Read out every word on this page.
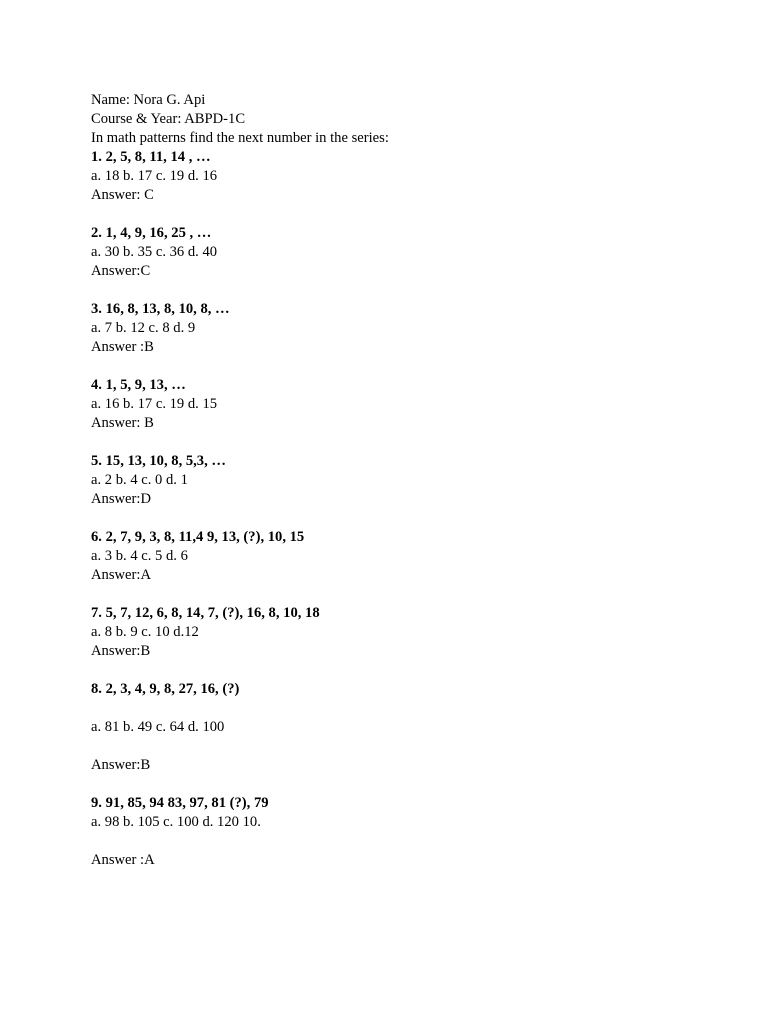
Name: Nora G. Api
Course & Year: ABPD-1C
In math patterns find the next number in the series:
1. 2, 5, 8, 11, 14 , …
a. 18 b. 17 c. 19 d. 16
Answer: C
2. 1, 4, 9, 16, 25 , …
a. 30 b. 35 c. 36 d. 40
Answer:C
3. 16, 8, 13, 8, 10, 8, …
a. 7 b. 12 c. 8 d. 9
Answer :B
4. 1, 5, 9, 13, …
a. 16 b. 17 c. 19 d. 15
Answer: B
5. 15, 13, 10, 8, 5,3, …
a. 2 b. 4 c. 0 d. 1
Answer:D
6. 2, 7, 9, 3, 8, 11,4 9, 13, (?), 10, 15
a. 3 b. 4 c. 5 d. 6
Answer:A
7. 5, 7, 12, 6, 8, 14, 7, (?), 16, 8, 10, 18
a. 8 b. 9 c. 10 d.12
Answer:B
8. 2, 3, 4, 9, 8, 27, 16, (?)
a. 81 b. 49 c. 64 d. 100
Answer:B
9. 91, 85, 94 83, 97, 81 (?), 79
a. 98 b. 105 c. 100 d. 120 10.
Answer :A
